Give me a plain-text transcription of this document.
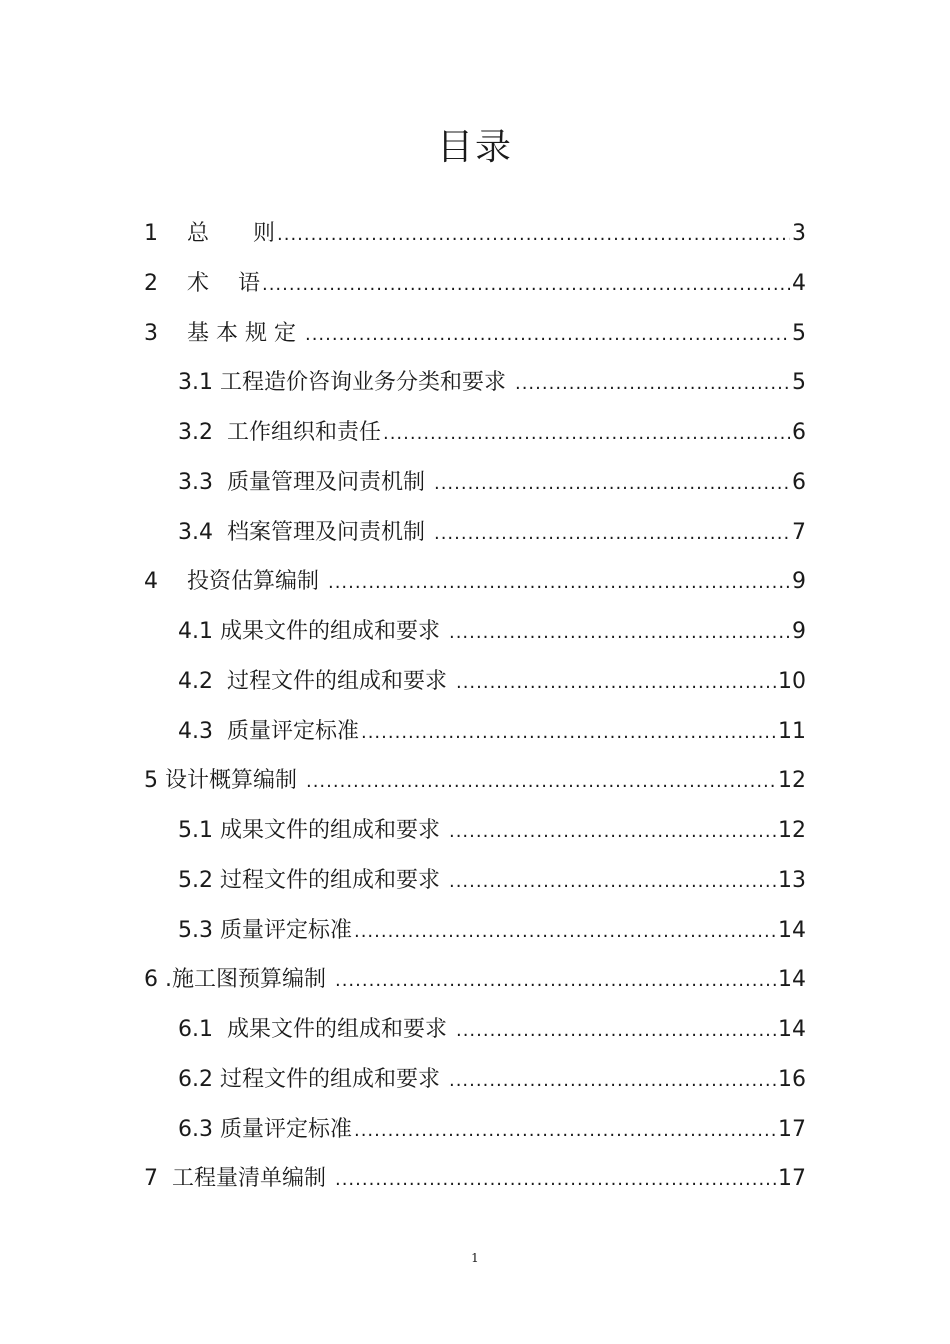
目录
1　 总　　则 .....	3
2　 术　 语 .....	4
3　 基 本 规 定 .....	5
3.1 工程造价咨询业务分类和要求 .....	5
3.2  工作组织和责任 .....	6
3.3  质量管理及问责机制 .....	6
3.4  档案管理及问责机制 .....	7
4　 投资估算编制 .....	9
4.1 成果文件的组成和要求 .....	9
4.2  过程文件的组成和要求 .....	10
4.3  质量评定标准 .....	11
5 设计概算编制 .....	12
5.1 成果文件的组成和要求 .....	12
5.2 过程文件的组成和要求 .....	13
5.3 质量评定标准 .....	14
6 .施工图预算编制 .....	14
6.1  成果文件的组成和要求 .....	14
6.2 过程文件的组成和要求 .....	16
6.3 质量评定标准 .....	17
7  工程量清单编制 .....	17
1
